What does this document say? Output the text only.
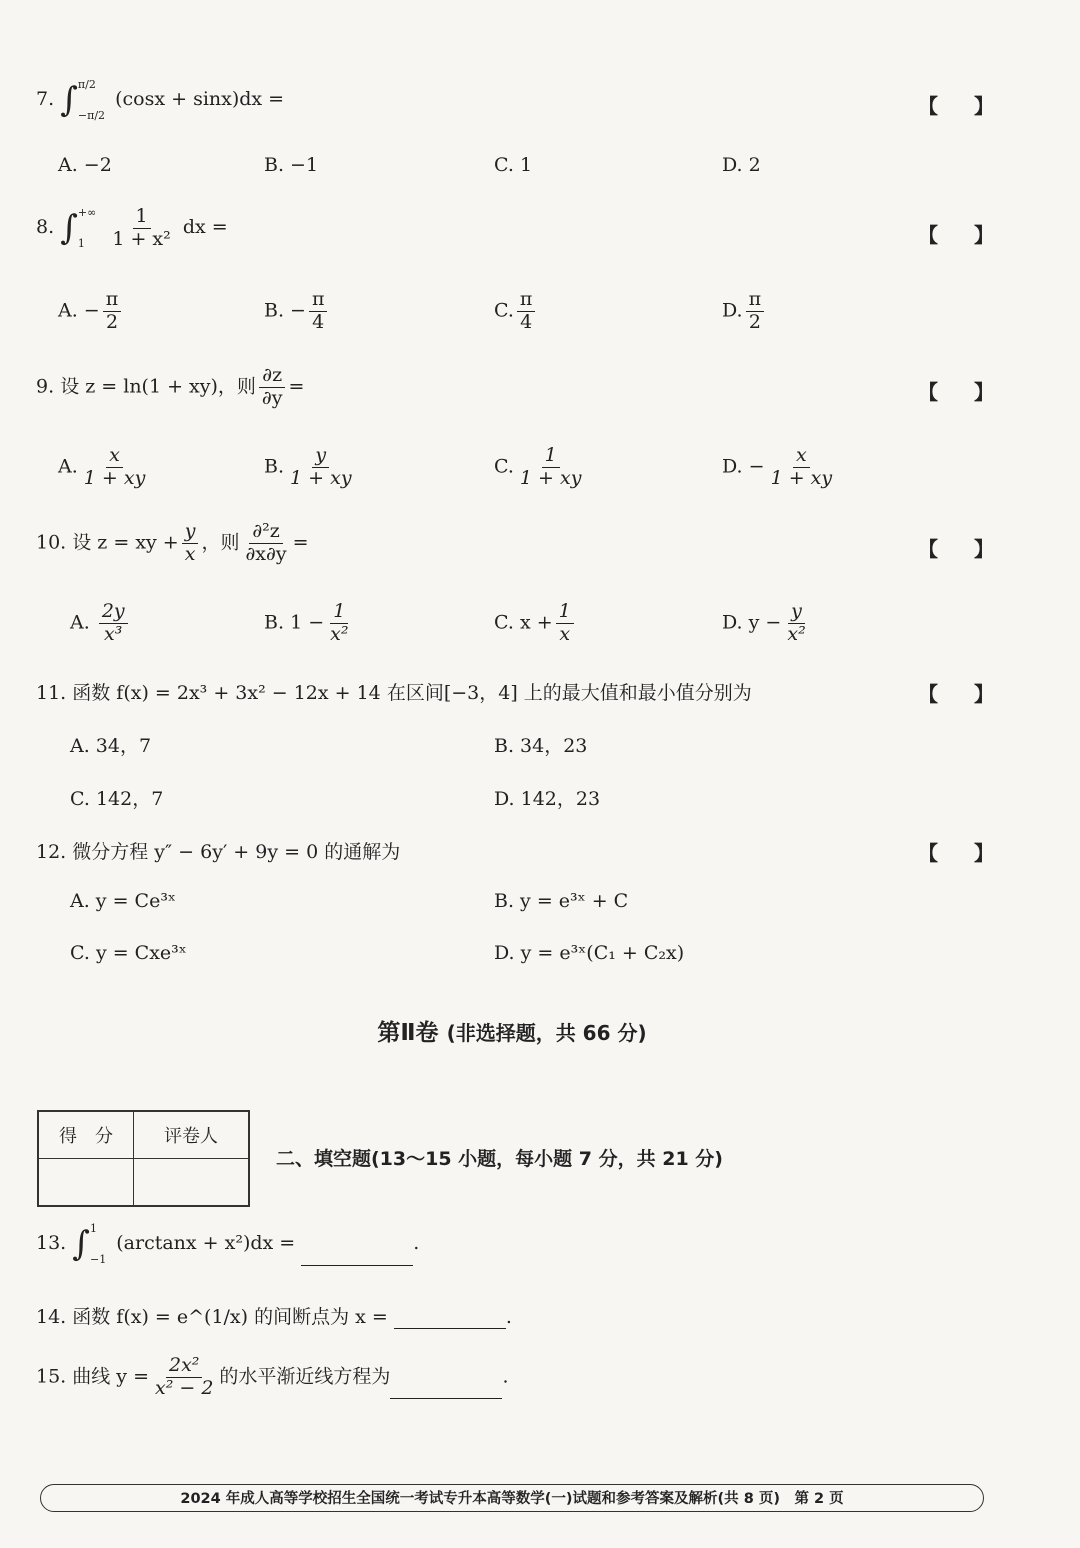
7. ∫ π/2
−π/2
(cosx + sinx)dx =	【 】
A. −2	B. −1	C. 1	D. 2
8. ∫ +∞
1
	$\frac{1}{\text{1 + x²}}$ dx =	【 】
A. − $\frac{\pi}{2}$	B. − $\frac{\pi}{4}$	C. $\frac{\pi}{4}$	D. $\frac{\pi}{2}$
9. 设 z = ln(1 + xy)，则 $\frac{\partial z}{\partial y}$ =	【 】
A. $\frac{x}{1 + xy}$	B. $\frac{y}{1 + xy}$	C. $\frac{1}{1 + xy}$	D. − $\frac{x}{1 + xy}$
10. 设 z = xy + $\frac{y}{x}$ ，则 $\frac{\text{∂²z}}{\partial x\partial y}$ =	【 】
A. $\frac{2y}{\text{x³}}$	B. $1 - \frac{1}{\text{x²}}$	C. $x + \frac{1}{x}$	D. $y - \frac{y}{\text{x²}}$
11. 函数 f(x) = 2x³ + 3x² − 12x + 14 在区间[−3，4] 上的最大值和最小值分别为	【 】
A. 34，7	B. 34，23
C. 142，7	D. 142，23
12. 微分方程 y″ − 6y′ + 9y = 0 的通解为	【 】
A. y = Ce³ˣ	B. y = e³ˣ + C
C. y = Cxe³ˣ	D. y = e³ˣ(C₁ + C₂x)
第Ⅱ卷 (非选择题，共 66 分)
得　分	评卷人

二、填空题(13～15 小题，每小题 7 分，共 21 分)
13. ∫ 1
−1
(arctanx + x²)dx =	.
14. 函数 f(x) = e^(1/x) 的间断点为 x =	.
15. 曲线 $y = \frac{\text{2x²}}{\text{x² − 2}}$ 的水平渐近线方程为	.
2024 年成人高等学校招生全国统一考试专升本高等数学(一)试题和参考答案及解析(共 8 页)　第 2 页
